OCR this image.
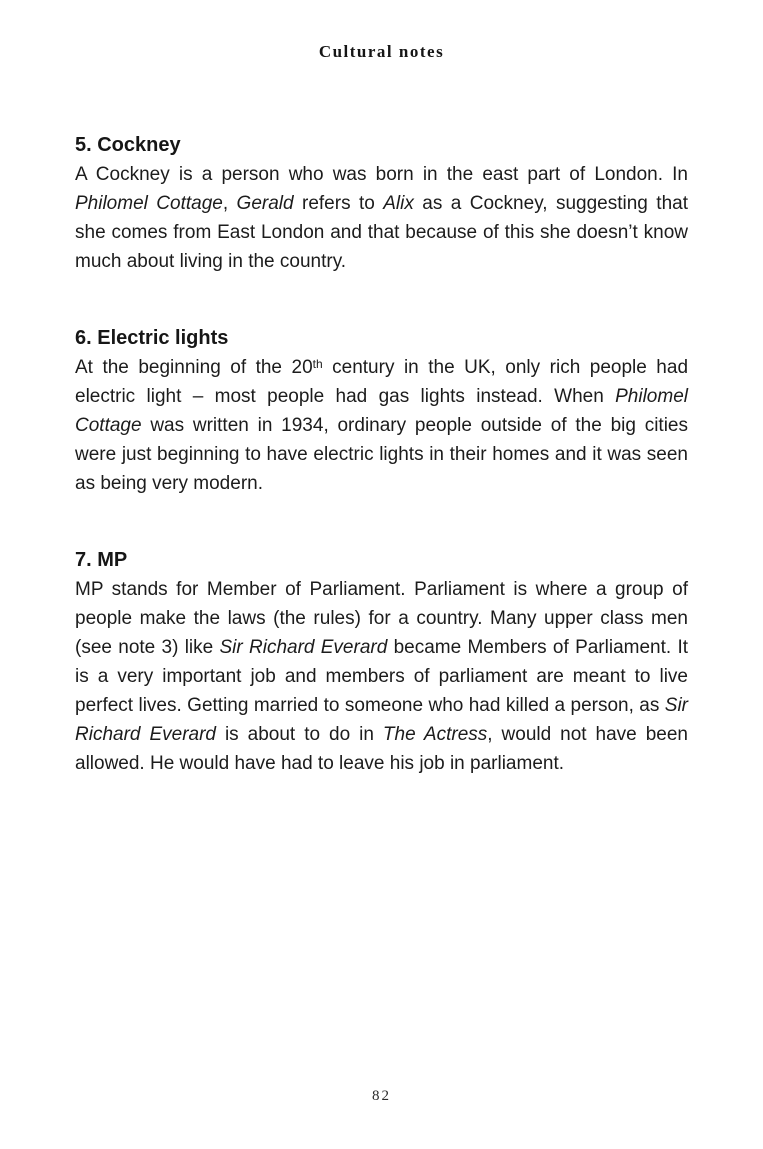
Cultural notes
5. Cockney

A Cockney is a person who was born in the east part of London. In Philomel Cottage, Gerald refers to Alix as a Cockney, suggesting that she comes from East London and that because of this she doesn’t know much about living in the country.

6. Electric lights

At the beginning of the 20th century in the UK, only rich people had electric light – most people had gas lights instead. When Philomel Cottage was written in 1934, ordinary people outside of the big cities were just beginning to have electric lights in their homes and it was seen as being very modern.

7. MP

MP stands for Member of Parliament. Parliament is where a group of people make the laws (the rules) for a country. Many upper class men (see note 3) like Sir Richard Everard became Members of Parliament. It is a very important job and members of parliament are meant to live perfect lives. Getting married to someone who had killed a person, as Sir Richard Everard is about to do in The Actress, would not have been allowed. He would have had to leave his job in parliament.

82
